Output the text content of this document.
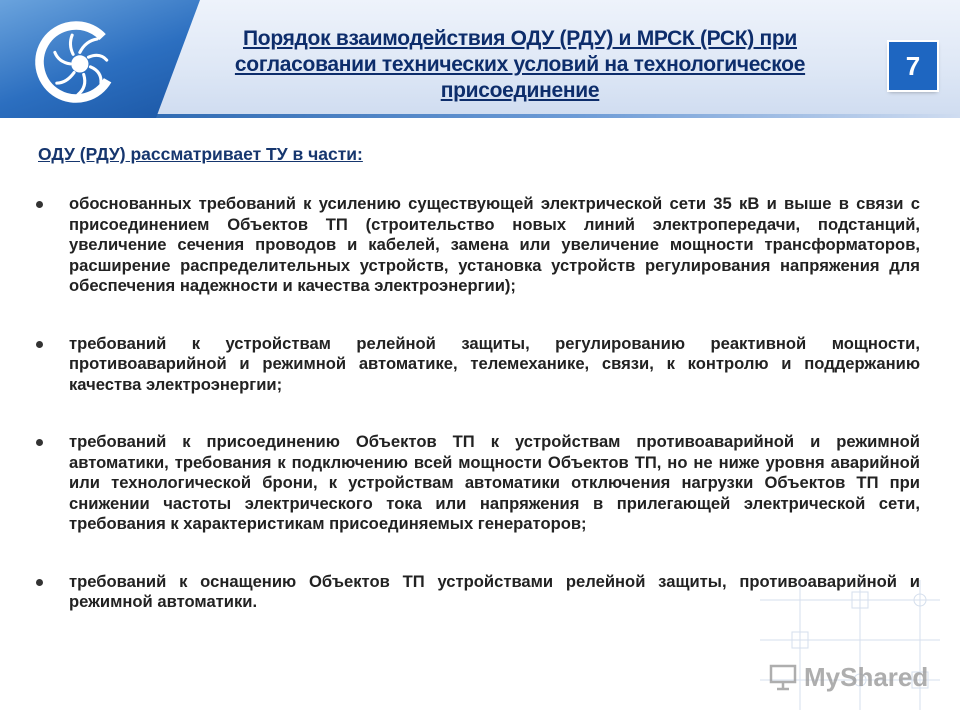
Порядок взаимодействия ОДУ (РДУ) и МРСК (РСК) при согласовании технических условий на технологическое присоединение
7
ОДУ (РДУ) рассматривает ТУ в части:
обоснованных требований к усилению существующей электрической сети 35 кВ и выше в связи с присоединением Объектов ТП (строительство новых линий электропередачи, подстанций, увеличение сечения проводов и кабелей, замена или увеличение мощности трансформаторов, расширение распределительных устройств, установка устройств регулирования напряжения для обеспечения надежности и качества электроэнергии);
требований к устройствам релейной защиты, регулированию реактивной мощности, противоаварийной и режимной автоматике, телемеханике, связи, к контролю и поддержанию качества электроэнергии;
требований к присоединению Объектов ТП к устройствам противоаварийной и режимной автоматики, требования к подключению всей мощности Объектов ТП, но не ниже уровня аварийной или технологической брони, к устройствам автоматики отключения нагрузки Объектов ТП при снижении частоты электрического тока или напряжения в прилегающей электрической сети, требования к характеристикам присоединяемых генераторов;
требований к оснащению Объектов ТП устройствами релейной защиты, противоаварийной и режимной автоматики.
MyShared
